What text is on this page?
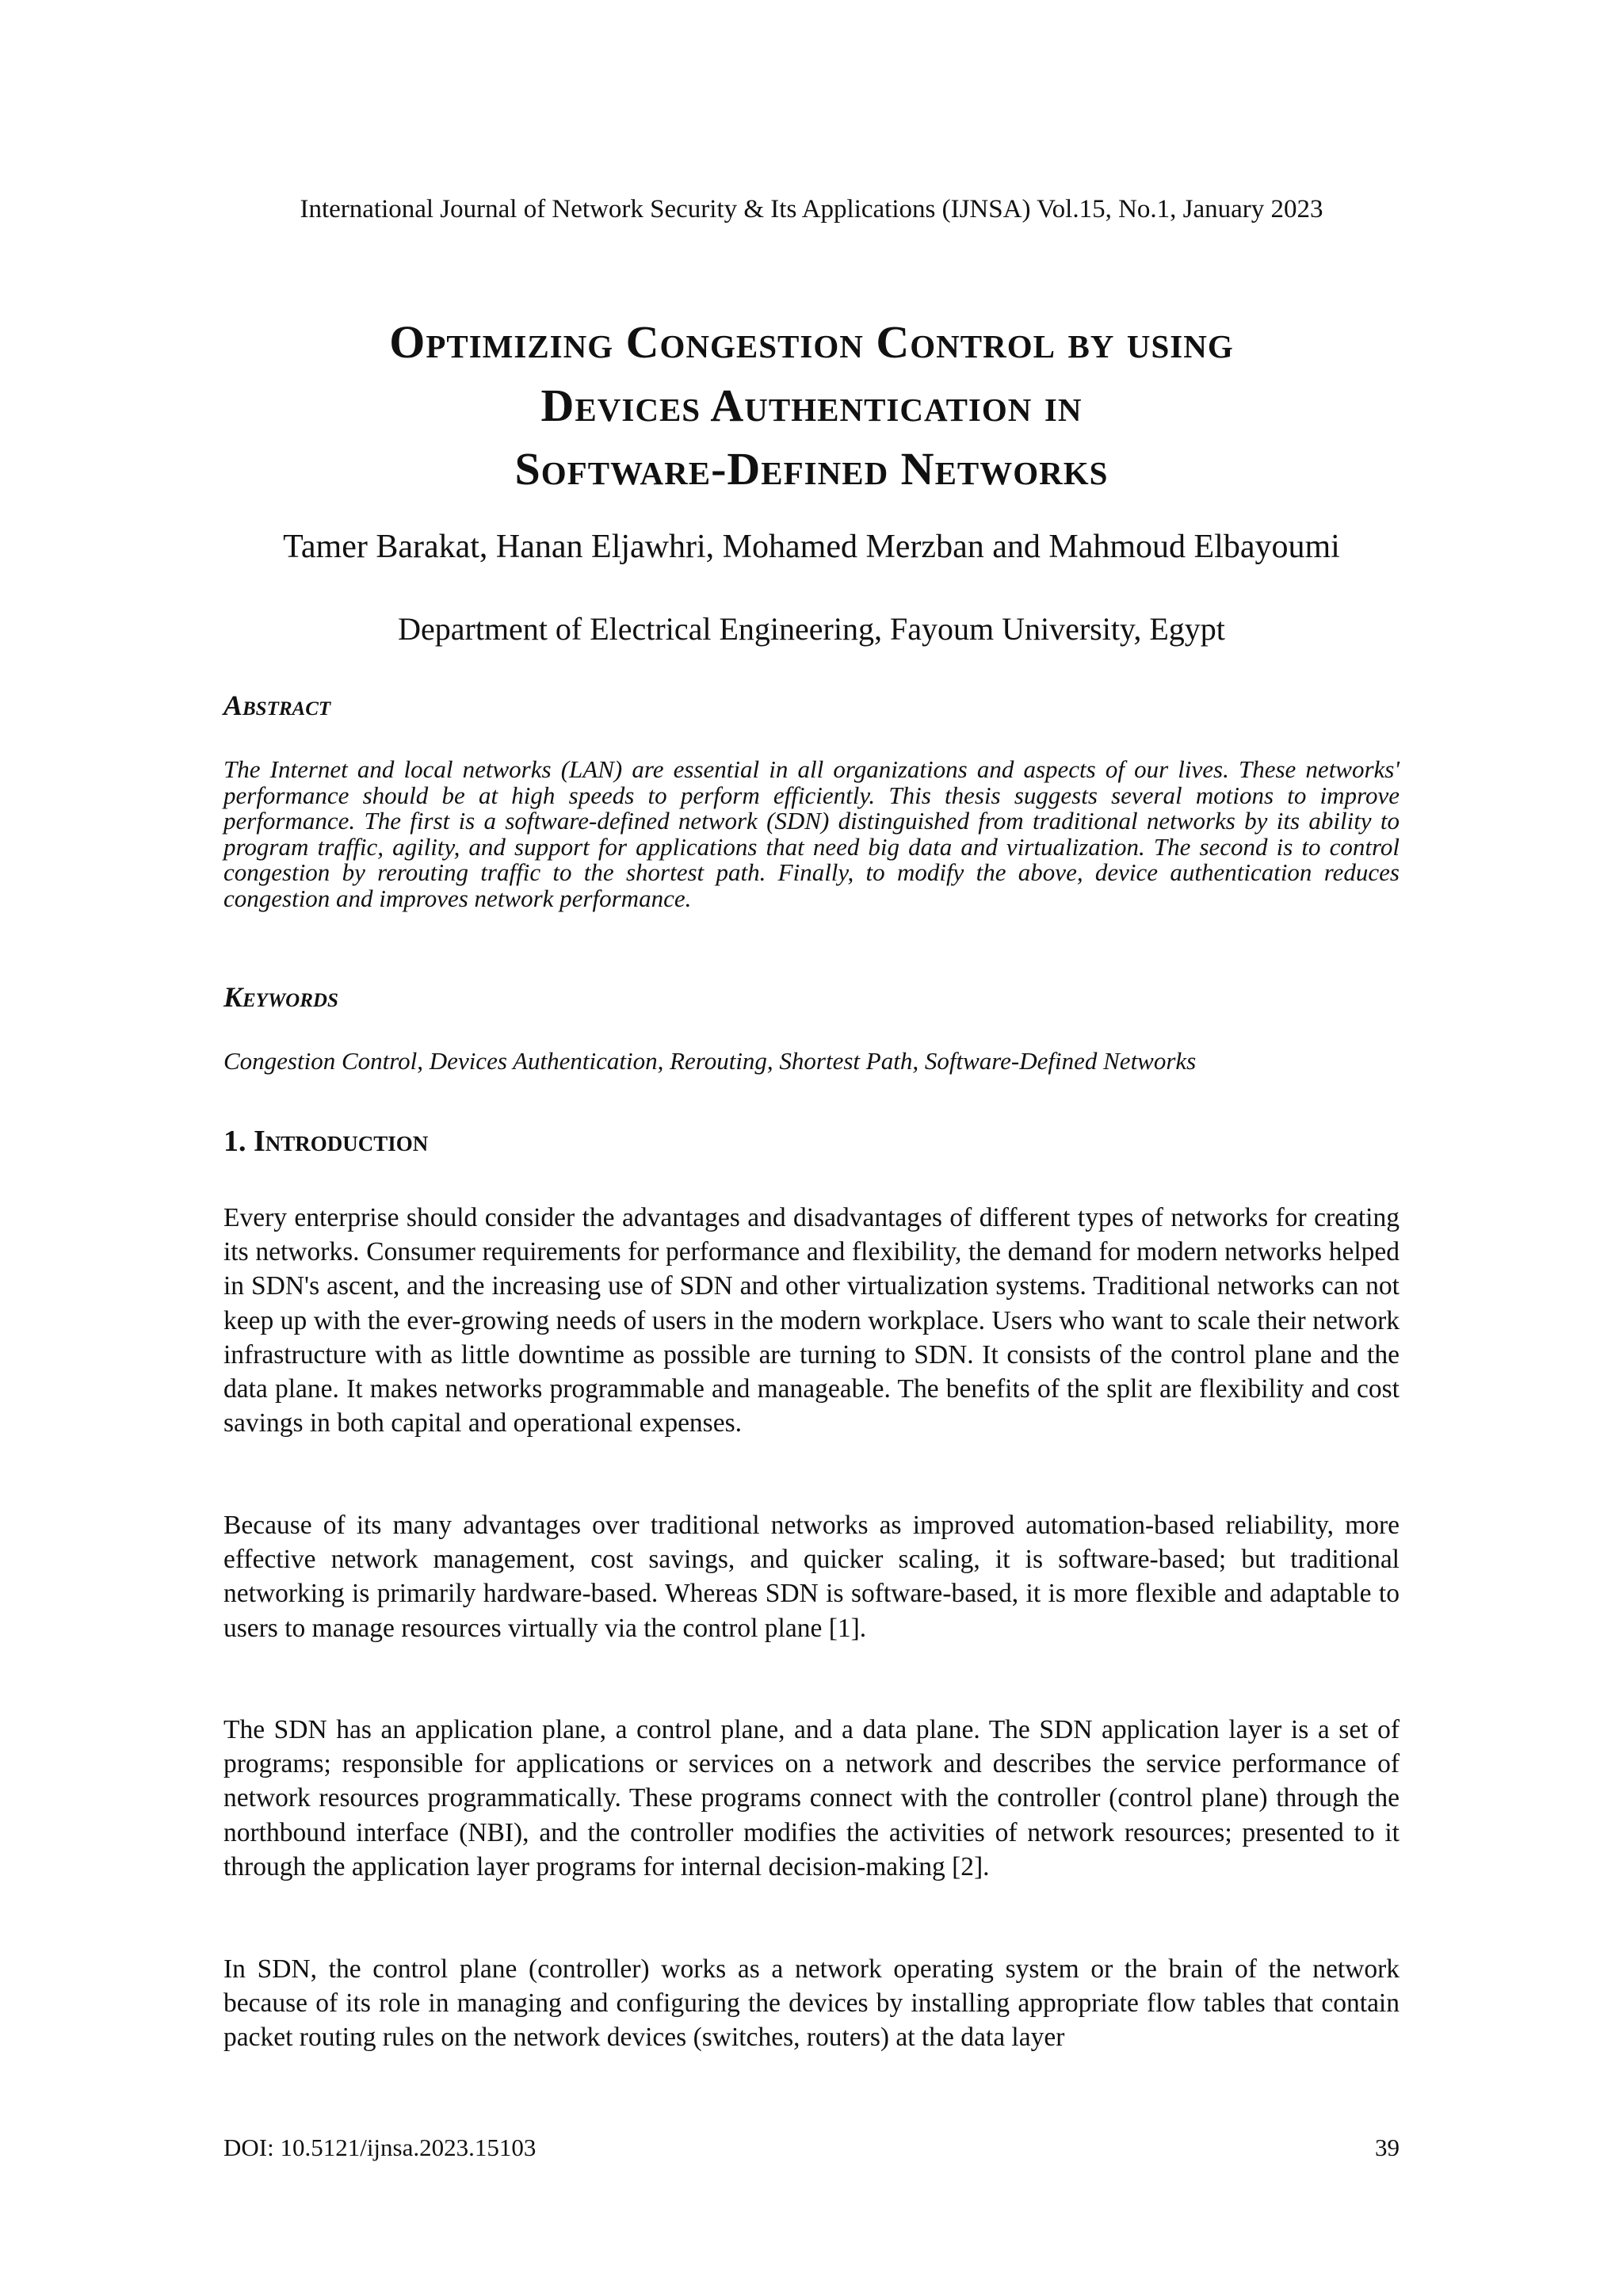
International Journal of Network Security & Its Applications (IJNSA) Vol.15, No.1, January 2023
Optimizing Congestion Control by using
Devices Authentication in
Software-Defined Networks
Tamer Barakat, Hanan Eljawhri, Mohamed Merzban and Mahmoud Elbayoumi
Department of Electrical Engineering, Fayoum University, Egypt
Abstract

The Internet and local networks (LAN) are essential in all organizations and aspects of our lives. These networks' performance should be at high speeds to perform efficiently. This thesis suggests several motions to improve performance. The first is a software-defined network (SDN) distinguished from traditional networks by its ability to program traffic, agility, and support for applications that need big data and virtualization. The second is to control congestion by rerouting traffic to the shortest path. Finally, to modify the above, device authentication reduces congestion and improves network performance.

Keywords

Congestion Control, Devices Authentication, Rerouting, Shortest Path, Software-Defined Networks

1. Introduction

Every enterprise should consider the advantages and disadvantages of different types of networks for creating its networks. Consumer requirements for performance and flexibility, the demand for modern networks helped in SDN's ascent, and the increasing use of SDN and other virtualization systems. Traditional networks can not keep up with the ever-growing needs of users in the modern workplace. Users who want to scale their network infrastructure with as little downtime as possible are turning to SDN. It consists of the control plane and the data plane. It makes networks programmable and manageable. The benefits of the split are flexibility and cost savings in both capital and operational expenses.

Because of its many advantages over traditional networks as improved automation-based reliability, more effective network management, cost savings, and quicker scaling, it is software-based; but traditional networking is primarily hardware-based. Whereas SDN is software-based, it is more flexible and adaptable to users to manage resources virtually via the control plane [1].

The SDN has an application plane, a control plane, and a data plane. The SDN application layer is a set of programs; responsible for applications or services on a network and describes the service performance of network resources programmatically. These programs connect with the controller (control plane) through the northbound interface (NBI), and the controller modifies the activities of network resources; presented to it through the application layer programs for internal decision-making [2].

In SDN, the control plane (controller) works as a network operating system or the brain of the network because of its role in managing and configuring the devices by installing appropriate flow tables that contain packet routing rules on the network devices (switches, routers) at the data layer

DOI: 10.5121/ijnsa.2023.15103	39
